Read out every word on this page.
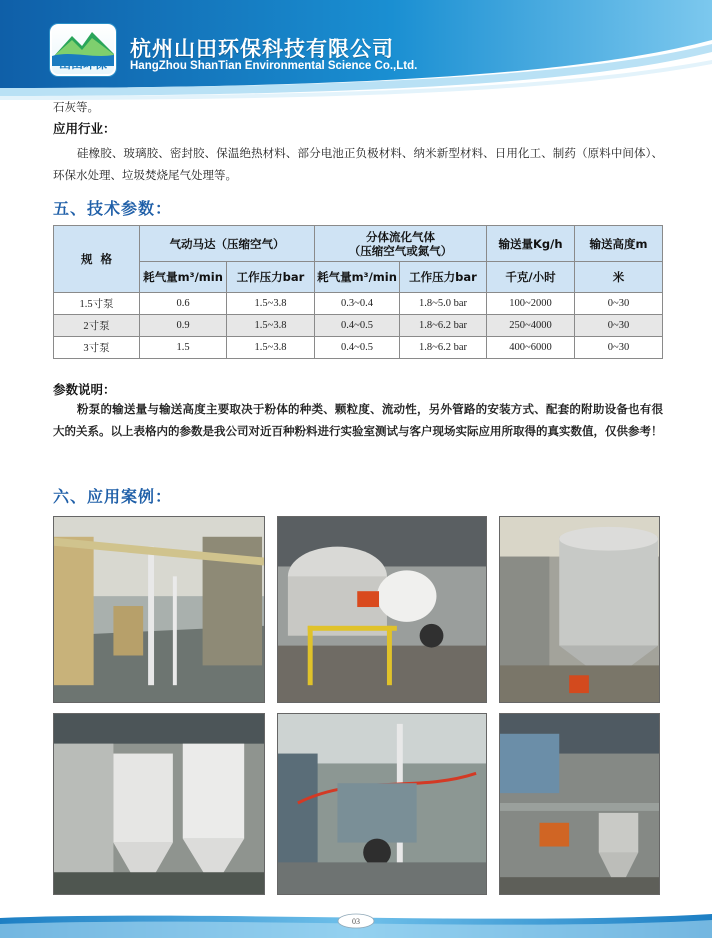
山田环保
杭州山田环保科技有限公司
HangZhou ShanTian Environmental Science Co.,Ltd.
石灰等。
应用行业：
硅橡胶、玻璃胶、密封胶、保温绝热材料、部分电池正负极材料、纳米新型材料、日用化工、制药（原料中间体）、环保水处理、垃圾焚烧尾气处理等。
五、技术参数：
规  格	气动马达（压缩空气）		分体流化气体
（压缩空气或氮气）		输送量Kg/h	输送高度m
	耗气量m³/min	工作压力bar	耗气量m³/min	工作压力bar	千克/小时	米
1.5寸泵	0.6	1.5~3.8	0.3~0.4	1.8~5.0 bar	100~2000	0~30
2寸泵	0.9	1.5~3.8	0.4~0.5	1.8~6.2 bar	250~4000	0~30
3寸泵	1.5	1.5~3.8	0.4~0.5	1.8~6.2 bar	400~6000	0~30
参数说明：
粉泵的输送量与输送高度主要取决于粉体的种类、颗粒度、流动性，另外管路的安装方式、配套的附助设备也有很大的关系。以上表格内的参数是我公司对近百种粉料进行实验室测试与客户现场实际应用所取得的真实数值，仅供参考！
六、应用案例：
03
